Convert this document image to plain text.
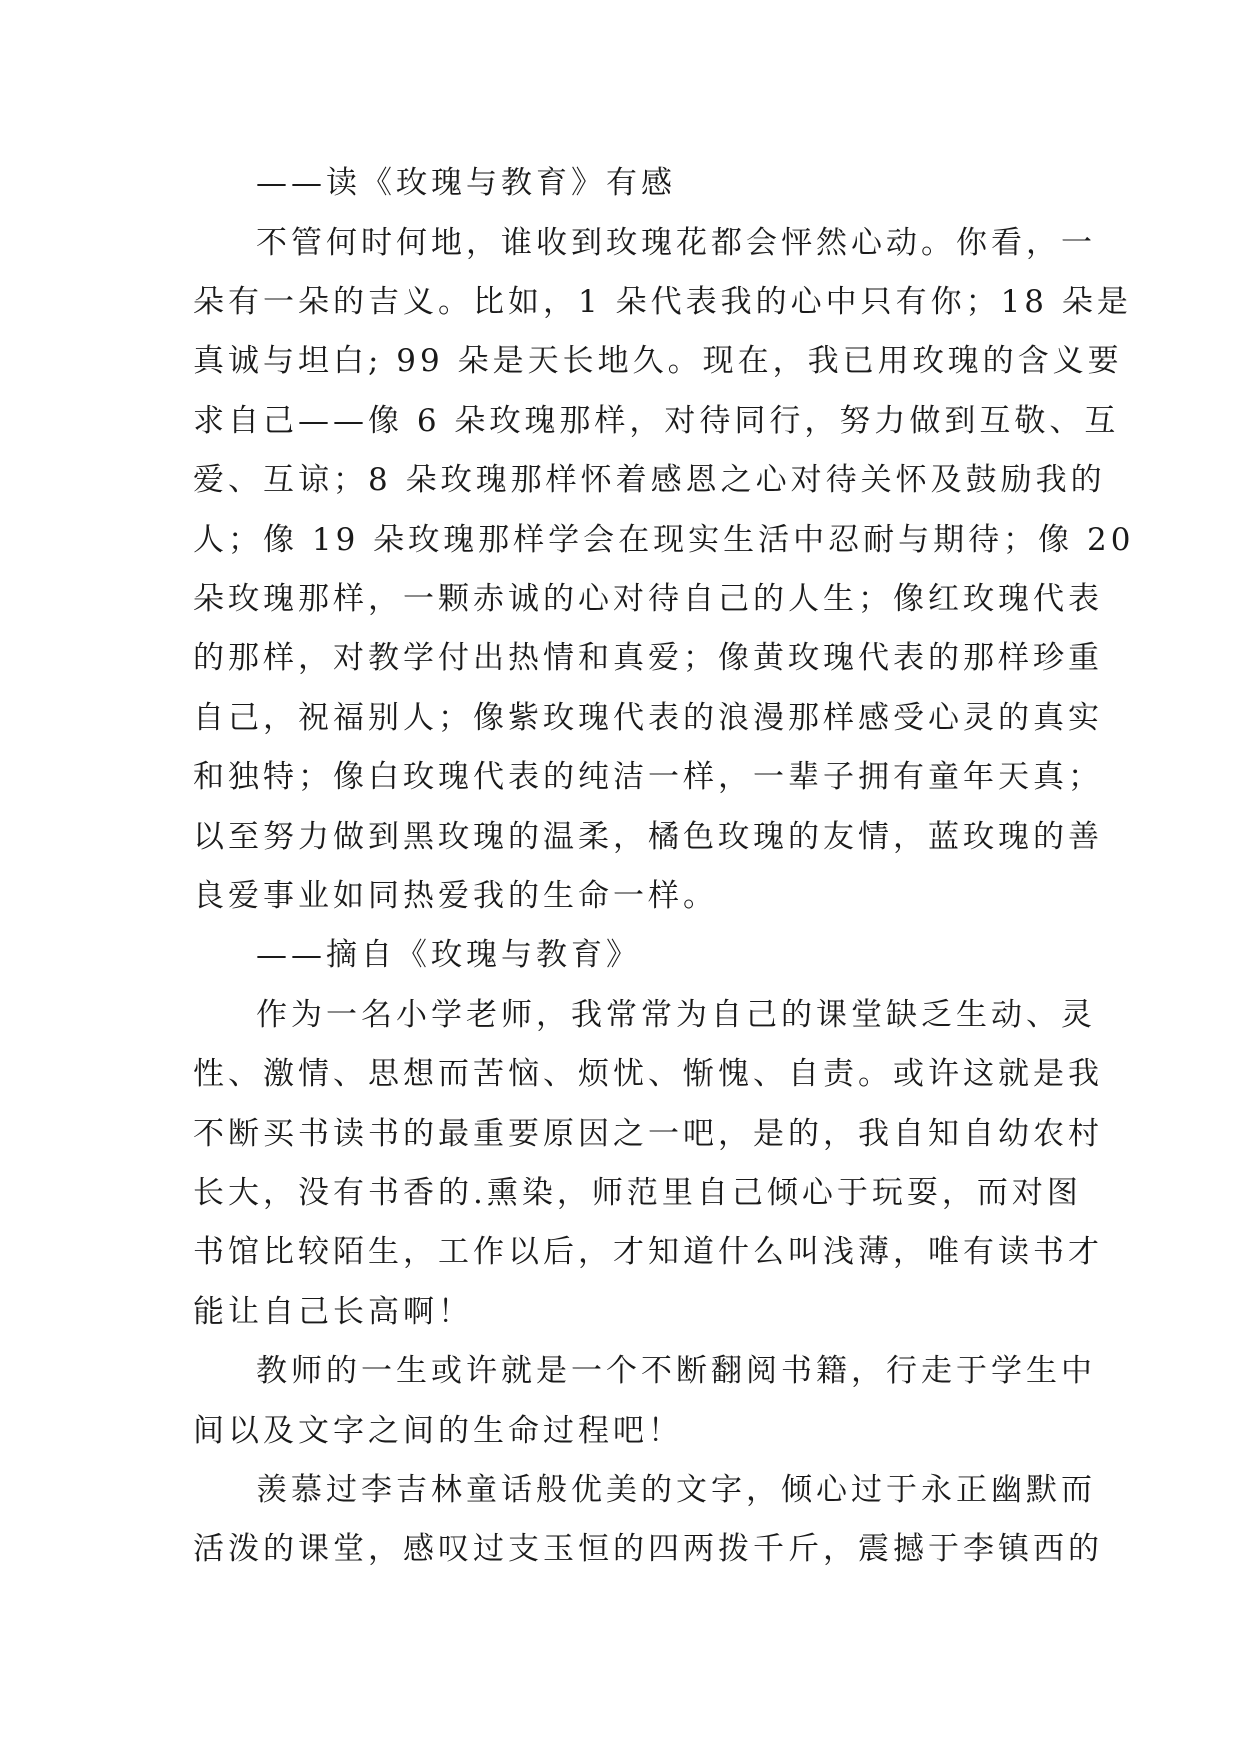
——读《玫瑰与教育》有感
不管何时何地，谁收到玫瑰花都会怦然心动。你看，一
朵有一朵的吉义。比如，1 朵代表我的心中只有你；18 朵是
真诚与坦白; 99 朵是天长地久。现在，我已用玫瑰的含义要
求自己——像 6 朵玫瑰那样，对待同行，努力做到互敬、互
爱、互谅；8 朵玫瑰那样怀着感恩之心对待关怀及鼓励我的
人；像 19 朵玫瑰那样学会在现实生活中忍耐与期待；像 20
朵玫瑰那样，一颗赤诚的心对待自己的人生；像红玫瑰代表
的那样，对教学付出热情和真爱；像黄玫瑰代表的那样珍重
自己，祝福别人；像紫玫瑰代表的浪漫那样感受心灵的真实
和独特；像白玫瑰代表的纯洁一样，一辈子拥有童年天真；
以至努力做到黑玫瑰的温柔，橘色玫瑰的友情，蓝玫瑰的善
良爱事业如同热爱我的生命一样。
——摘自《玫瑰与教育》
作为一名小学老师，我常常为自己的课堂缺乏生动、灵
性、激情、思想而苦恼、烦忧、惭愧、自责。或许这就是我
不断买书读书的最重要原因之一吧，是的，我自知自幼农村
长大，没有书香的.熏染，师范里自己倾心于玩耍，而对图
书馆比较陌生，工作以后，才知道什么叫浅薄，唯有读书才
能让自己长高啊！
教师的一生或许就是一个不断翻阅书籍，行走于学生中
间以及文字之间的生命过程吧！
羡慕过李吉林童话般优美的文字，倾心过于永正幽默而
活泼的课堂，感叹过支玉恒的四两拨千斤，震撼于李镇西的
